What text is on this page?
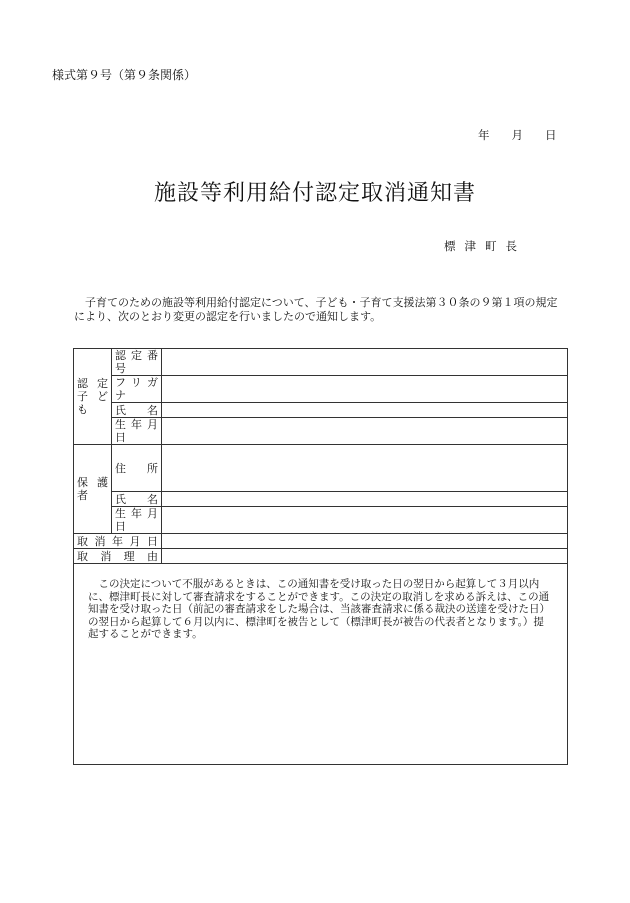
様式第９号（第９条関係）
年 月 日
施設等利用給付認定取消通知書
標津町長
子育てのための施設等利用給付認定について、子ども・子育て支援法第３０条の９第１項の規定により、次のとおり変更の認定を行いましたので通知します。
認 定
子ども	認定番号	
	フリガナ	
	氏名	
	生年月日	
保護者	住所	
	氏名	
	生年月日	
取消年月日		
取消理由		

この決定について不服があるときは、この通知書を受け取った日の翌日から起算して３月以内に、標津町長に対して審査請求をすることができます。この決定の取消しを求める訴えは、この通知書を受け取った日（前記の審査請求をした場合は、当該審査請求に係る裁決の送達を受けた日）の翌日から起算して６月以内に、標津町を被告として（標津町長が被告の代表者となります。）提起することができます。		
